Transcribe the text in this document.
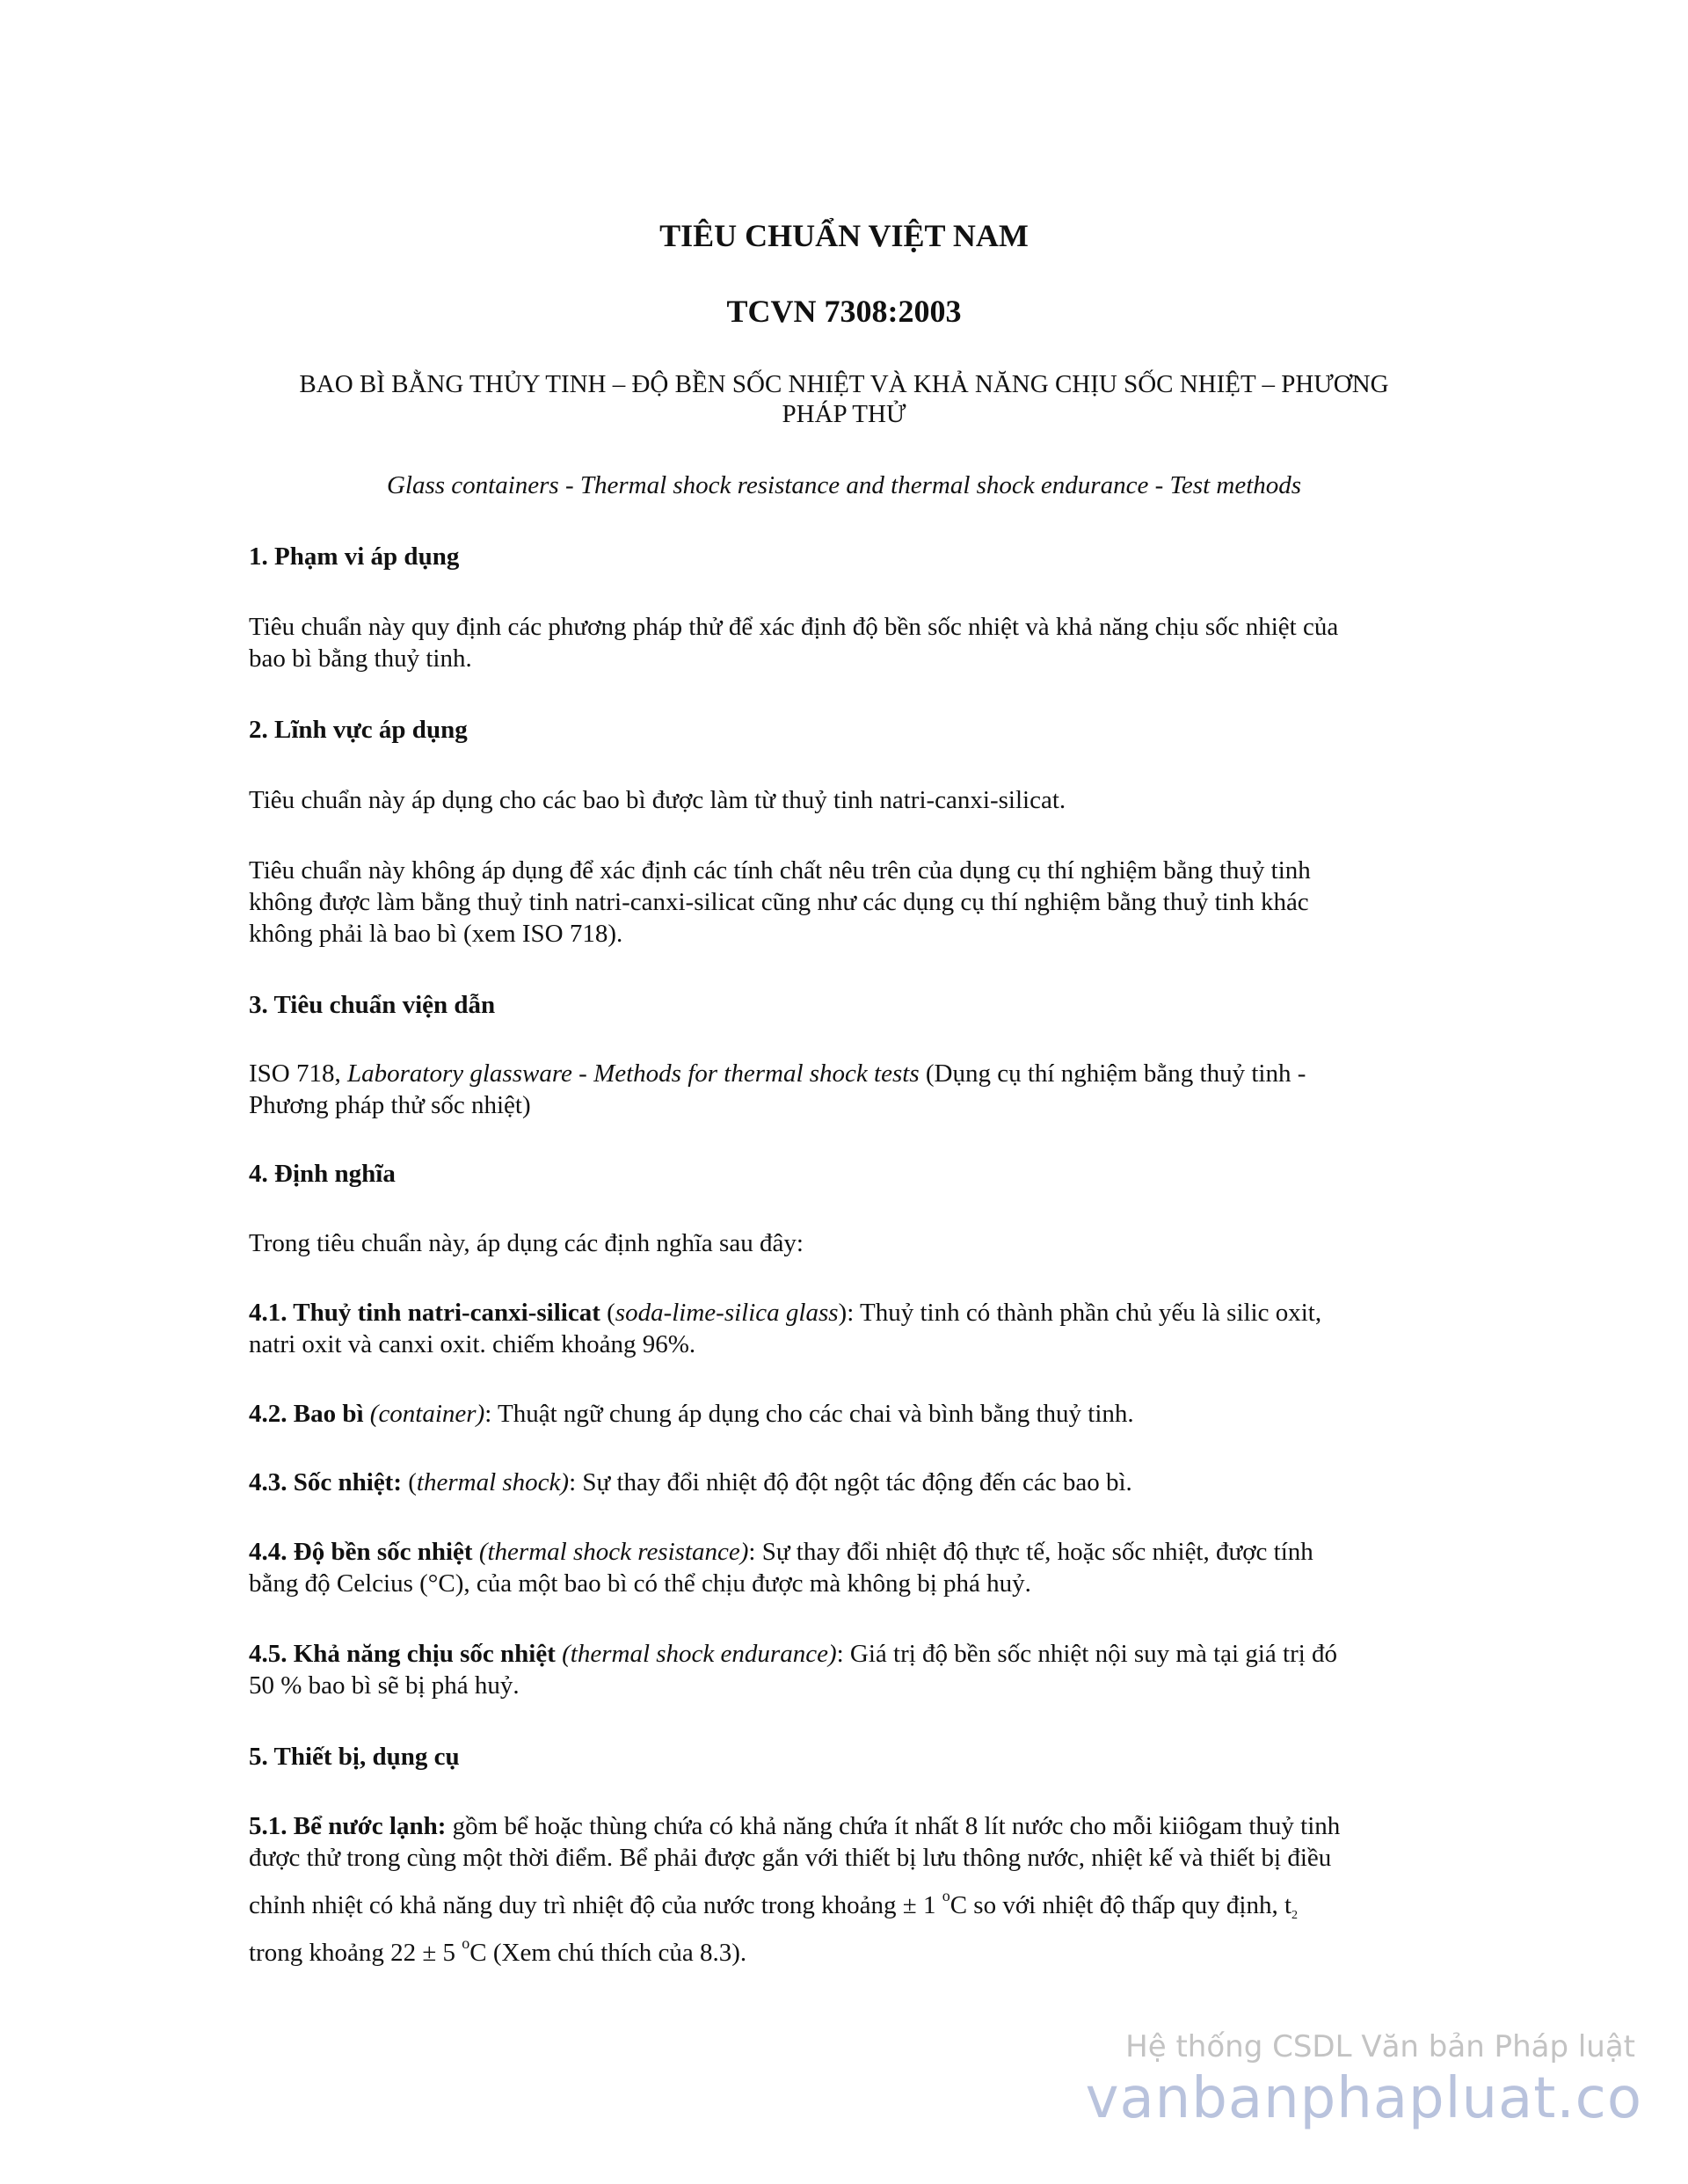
TIÊU CHUẨN VIỆT NAM
TCVN 7308:2003
BAO BÌ BẰNG THỦY TINH – ĐỘ BỀN SỐC NHIỆT VÀ KHẢ NĂNG CHỊU SỐC NHIỆT – PHƯƠNG
PHÁP THỬ
Glass containers - Thermal shock resistance and thermal shock endurance - Test methods
1. Phạm vi áp dụng
Tiêu chuẩn này quy định các phương pháp thử để xác định độ bền sốc nhiệt và khả năng chịu sốc nhiệt của
bao bì bằng thuỷ tinh.
2. Lĩnh vực áp dụng
Tiêu chuẩn này áp dụng cho các bao bì được làm từ thuỷ tinh natri-canxi-silicat.
Tiêu chuẩn này không áp dụng để xác định các tính chất nêu trên của dụng cụ thí nghiệm bằng thuỷ tinh
không được làm bằng thuỷ tinh natri-canxi-silicat cũng như các dụng cụ thí nghiệm bằng thuỷ tinh khác
không phải là bao bì (xem ISO 718).
3. Tiêu chuẩn viện dẫn
ISO 718, Laboratory glassware - Methods for thermal shock tests (Dụng cụ thí nghiệm bằng thuỷ tinh -
Phương pháp thử sốc nhiệt)
4. Định nghĩa
Trong tiêu chuẩn này, áp dụng các định nghĩa sau đây:
4.1. Thuỷ tinh natri-canxi-silicat (soda-lime-silica glass): Thuỷ tinh có thành phần chủ yếu là silic oxit,
natri oxit và canxi oxit. chiếm khoảng 96%.
4.2. Bao bì (container): Thuật ngữ chung áp dụng cho các chai và bình bằng thuỷ tinh.
4.3. Sốc nhiệt: (thermal shock): Sự thay đổi nhiệt độ đột ngột tác động đến các bao bì.
4.4. Độ bền sốc nhiệt (thermal shock resistance): Sự thay đổi nhiệt độ thực tế, hoặc sốc nhiệt, được tính
bằng độ Celcius (°C), của một bao bì có thể chịu được mà không bị phá huỷ.
4.5. Khả năng chịu sốc nhiệt (thermal shock endurance): Giá trị độ bền sốc nhiệt nội suy mà tại giá trị đó
50 % bao bì sẽ bị phá huỷ.
5. Thiết bị, dụng cụ
5.1. Bể nước lạnh: gồm bể hoặc thùng chứa có khả năng chứa ít nhất 8 lít nước cho mỗi kiiôgam thuỷ tinh
được thử trong cùng một thời điểm. Bể phải được gắn với thiết bị lưu thông nước, nhiệt kế và thiết bị điều
chỉnh nhiệt có khả năng duy trì nhiệt độ của nước trong khoảng ± 1 $^o$C so với nhiệt độ thấp quy định, $t_2$
trong khoảng 22 ± 5 $^o$C (Xem chú thích của 8.3).
Hệ thống CSDL Văn bản Pháp luật
vanbanphapluat.co
